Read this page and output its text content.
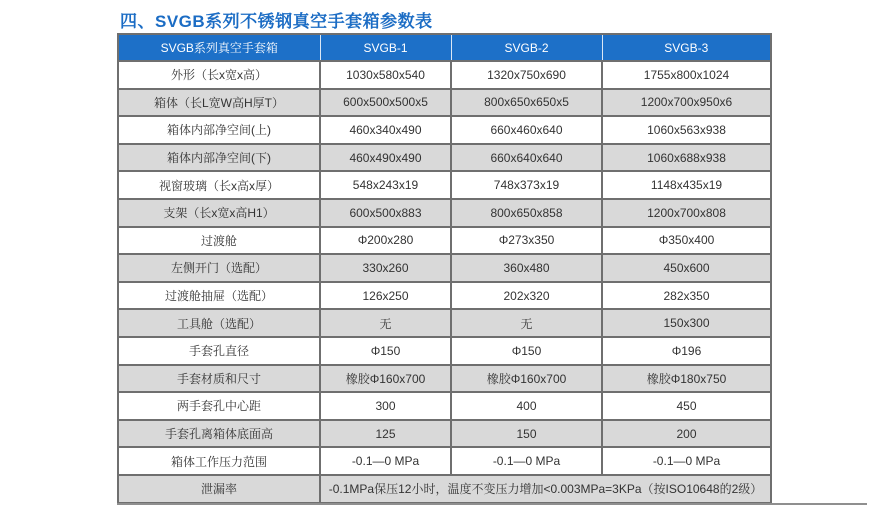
四、SVGB系列不锈钢真空手套箱参数表
SVGB系列真空手套箱	SVGB-1	SVGB-2	SVGB-3
外形（长x宽x高）	1030x580x540	1320x750x690	1755x800x1024
箱体（长L宽W高H厚T）	600x500x500x5	800x650x650x5	1200x700x950x6
箱体内部净空间(上)	460x340x490	660x460x640	1060x563x938
箱体内部净空间(下)	460x490x490	660x640x640	1060x688x938
视窗玻璃（长x高x厚）	548x243x19	748x373x19	1148x435x19
支架（长x宽x高H1）	600x500x883	800x650x858	1200x700x808
过渡舱	Φ200x280	Φ273x350	Φ350x400
左侧开门（选配）	330x260	360x480	450x600
过渡舱抽屉（选配）	126x250	202x320	282x350
工具舱（选配）	无	无	150x300
手套孔直径	Φ150	Φ150	Φ196
手套材质和尺寸	橡胶Φ160x700	橡胶Φ160x700	橡胶Φ180x750
两手套孔中心距	300	400	450
手套孔离箱体底面高	125	150	200
箱体工作压力范围	-0.1—0 MPa	-0.1—0 MPa	-0.1—0 MPa
泄漏率	-0.1MPa保压12小时，温度不变压力增加<0.003MPa=3KPa（按ISO10648的2级）		
